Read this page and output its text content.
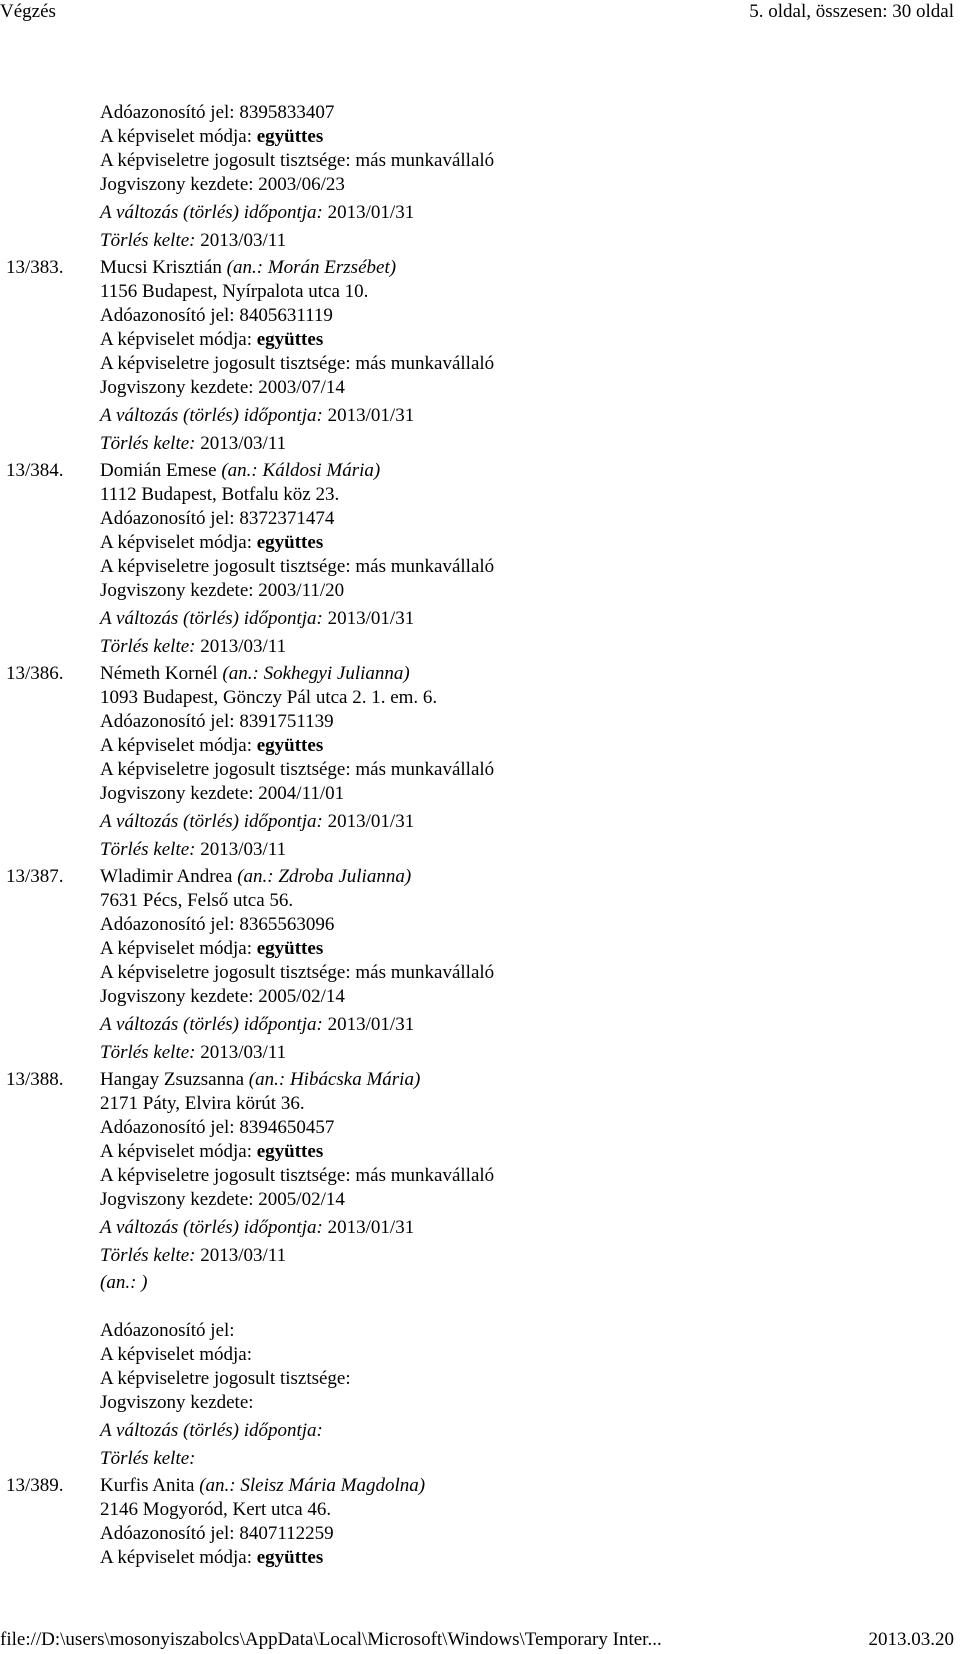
Végzés	5. oldal, összesen: 30 oldal
Adóazonosító jel: 8395833407
A képviselet módja: együttes
A képviseletre jogosult tisztsége: más munkavállaló
Jogviszony kezdete: 2003/06/23
A változás (törlés) időpontja: 2013/01/31
Törlés kelte: 2013/03/11
13/383. Mucsi Krisztián (an.: Morán Erzsébet)
1156 Budapest, Nyírpalota utca 10.
Adóazonosító jel: 8405631119
A képviselet módja: együttes
A képviseletre jogosult tisztsége: más munkavállaló
Jogviszony kezdete: 2003/07/14
A változás (törlés) időpontja: 2013/01/31
Törlés kelte: 2013/03/11
13/384. Domián Emese (an.: Káldosi Mária)
1112 Budapest, Botfalu köz 23.
Adóazonosító jel: 8372371474
A képviselet módja: együttes
A képviseletre jogosult tisztsége: más munkavállaló
Jogviszony kezdete: 2003/11/20
A változás (törlés) időpontja: 2013/01/31
Törlés kelte: 2013/03/11
13/386. Németh Kornél (an.: Sokhegyi Julianna)
1093 Budapest, Gönczy Pál utca 2. 1. em. 6.
Adóazonosító jel: 8391751139
A képviselet módja: együttes
A képviseletre jogosult tisztsége: más munkavállaló
Jogviszony kezdete: 2004/11/01
A változás (törlés) időpontja: 2013/01/31
Törlés kelte: 2013/03/11
13/387. Wladimir Andrea (an.: Zdroba Julianna)
7631 Pécs, Felső utca 56.
Adóazonosító jel: 8365563096
A képviselet módja: együttes
A képviseletre jogosult tisztsége: más munkavállaló
Jogviszony kezdete: 2005/02/14
A változás (törlés) időpontja: 2013/01/31
Törlés kelte: 2013/03/11
13/388. Hangay Zsuzsanna (an.: Hibácska Mária)
2171 Páty, Elvira körút 36.
Adóazonosító jel: 8394650457
A képviselet módja: együttes
A képviseletre jogosult tisztsége: más munkavállaló
Jogviszony kezdete: 2005/02/14
A változás (törlés) időpontja: 2013/01/31
Törlés kelte: 2013/03/11
(an.: )
Adóazonosító jel:
A képviselet módja:
A képviseletre jogosult tisztsége:
Jogviszony kezdete:
A változás (törlés) időpontja:
Törlés kelte:
13/389. Kurfis Anita (an.: Sleisz Mária Magdolna)
2146 Mogyoród, Kert utca 46.
Adóazonosító jel: 8407112259
A képviselet módja: együttes
file://D:\users\mosonyiszabolcs\AppData\Local\Microsoft\Windows\Temporary Inter...	2013.03.20
